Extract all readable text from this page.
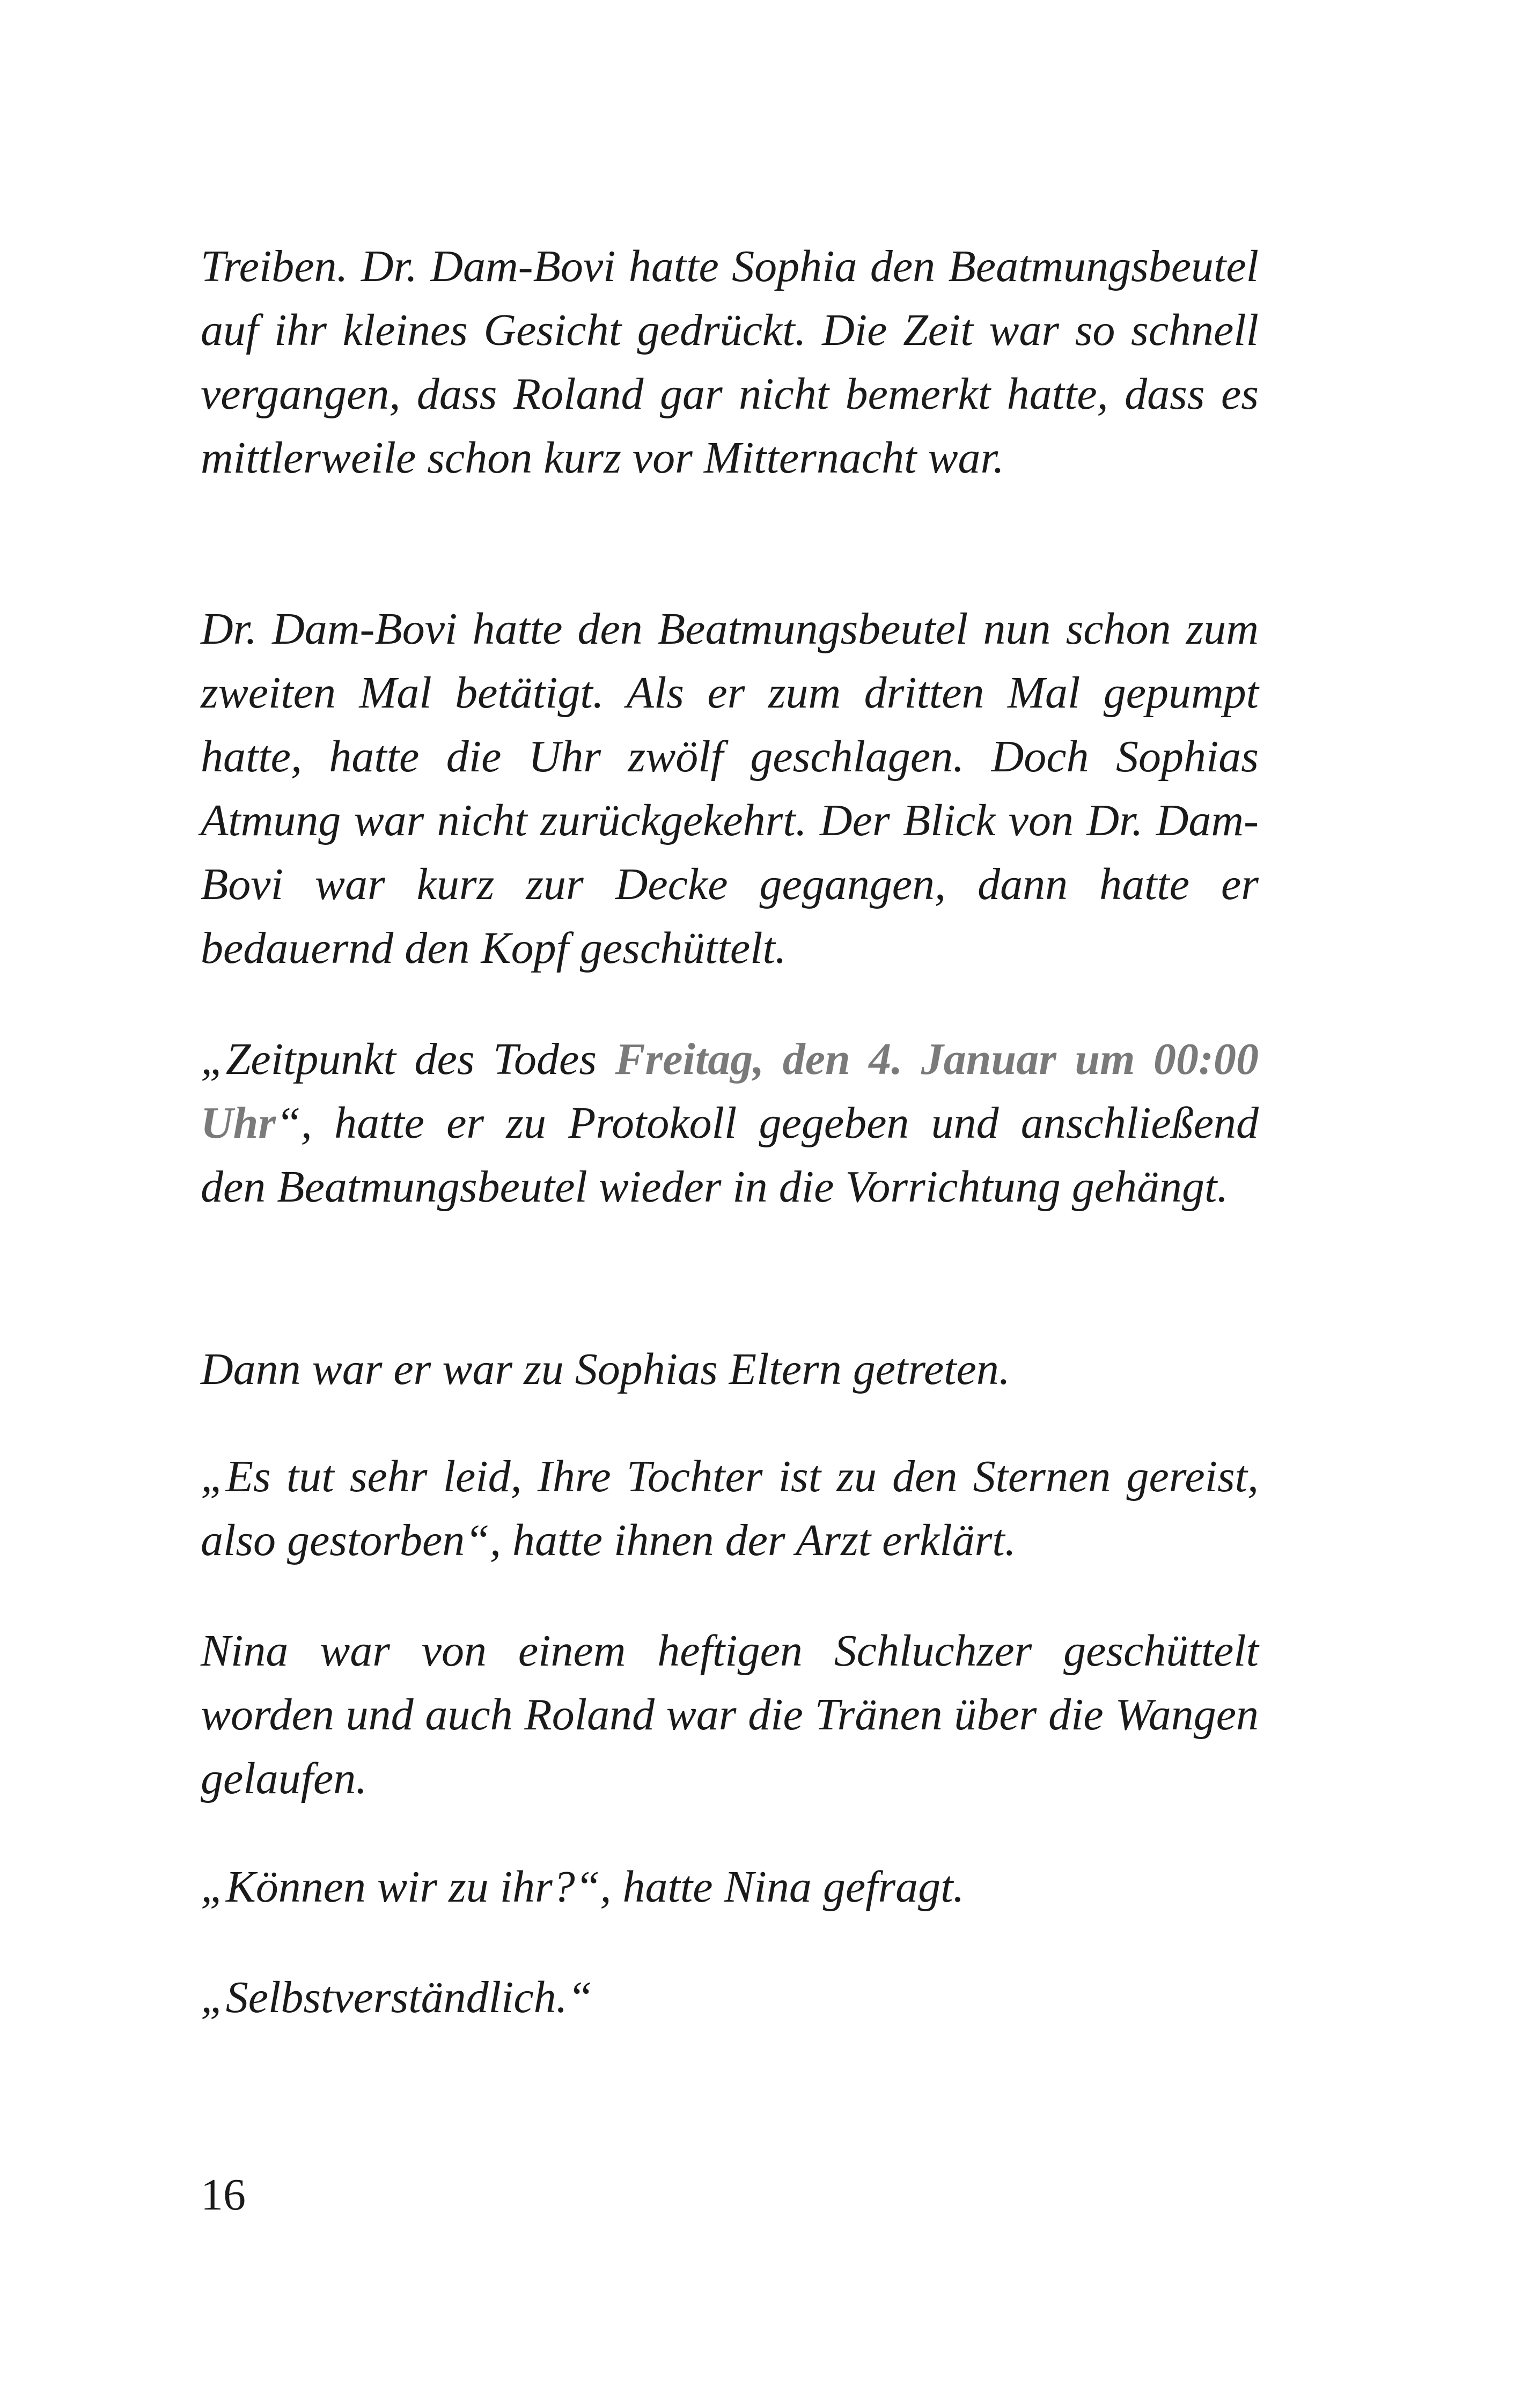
Treiben. Dr. Dam-Bovi hatte Sophia den Beatmungsbeutel auf ihr kleines Gesicht gedrückt. Die Zeit war so schnell vergangen, dass Roland gar nicht bemerkt hatte, dass es mittlerweile schon kurz vor Mitternacht war.

Dr. Dam-Bovi hatte den Beatmungsbeutel nun schon zum zweiten Mal betätigt. Als er zum dritten Mal gepumpt hatte, hatte die Uhr zwölf geschlagen. Doch Sophias Atmung war nicht zurückgekehrt. Der Blick von Dr. Dam-Bovi war kurz zur Decke gegangen, dann hatte er bedauernd den Kopf geschüttelt.

„Zeitpunkt des Todes Freitag, den 4. Januar um 00:00 Uhr“, hatte er zu Protokoll gegeben und anschließend den Beatmungsbeutel wieder in die Vorrichtung gehängt.

Dann war er war zu Sophias Eltern getreten.

„Es tut sehr leid, Ihre Tochter ist zu den Sternen gereist, also gestorben“, hatte ihnen der Arzt erklärt.

Nina war von einem heftigen Schluchzer geschüttelt worden und auch Roland war die Tränen über die Wangen gelaufen.

„Können wir zu ihr?“, hatte Nina gefragt.

„Selbstverständlich.“

16
